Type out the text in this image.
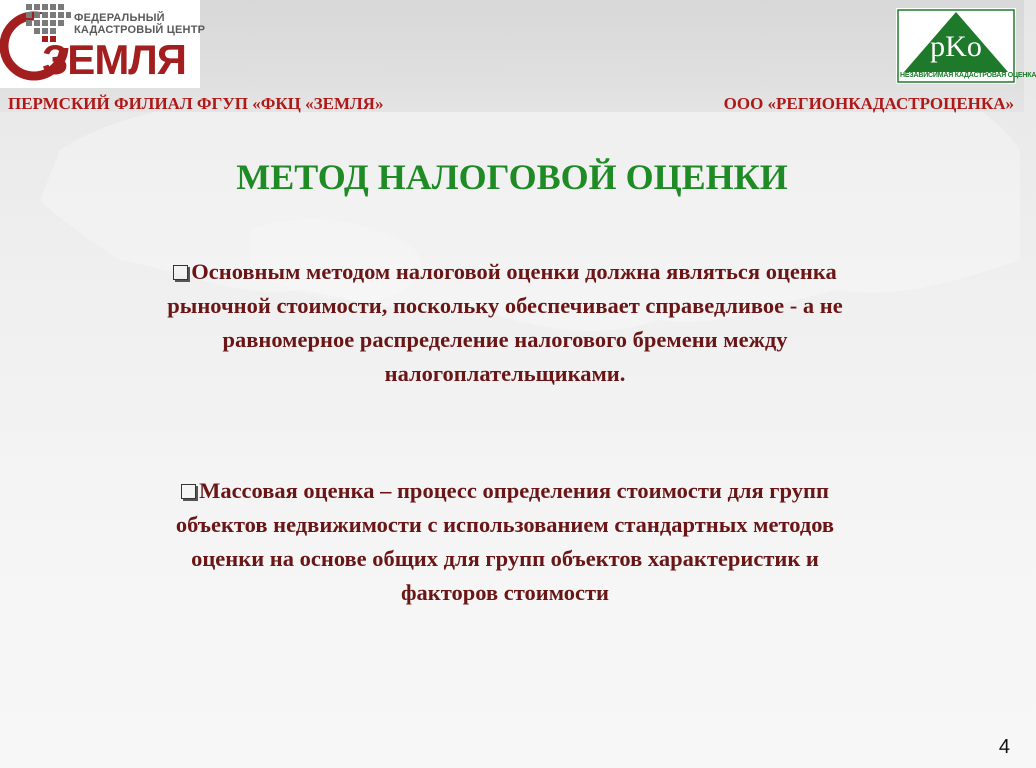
ФЕДЕРАЛЬНЫЙ
КАДАСТРОВЫЙ ЦЕНТР
ЗЕМЛЯ	pKo
НЕЗАВИСИМАЯ КАДАСТРОВАЯ ОЦЕНКА
ПЕРМСКИЙ ФИЛИАЛ ФГУП «ФКЦ «ЗЕМЛЯ»	ООО «РЕГИОНКАДАСТРОЦЕНКА»
МЕТОД НАЛОГОВОЙ ОЦЕНКИ
Основным методом налоговой оценки должна являться оценка рыночной стоимости, поскольку обеспечивает справедливое - а не равномерное распределение налогового бремени между налогоплательщиками.
Массовая оценка – процесс определения стоимости для групп объектов недвижимости с использованием стандартных методов оценки на основе общих для групп объектов характеристик и факторов стоимости
4
